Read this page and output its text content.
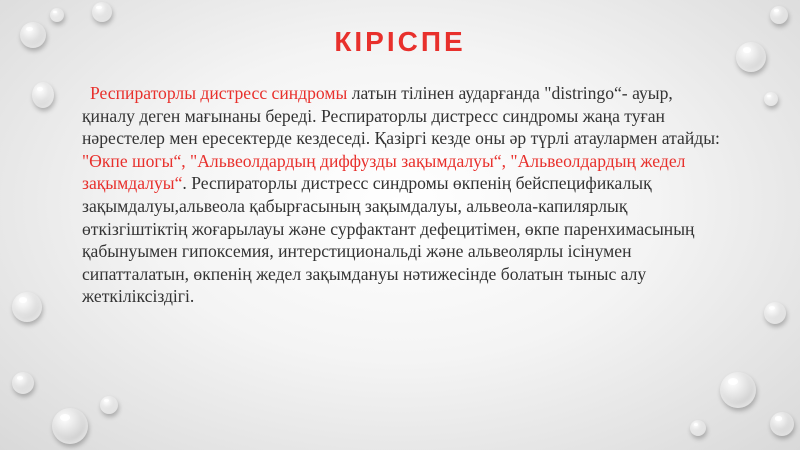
КІРІСПЕ
Респираторлы дистресс синдромы латын тілінен аударғанда "distringo“- ауыр, қиналу деген мағынаны береді. Респираторлы дистресс синдромы жаңа туған нәрестелер мен ересектерде кездеседі. Қазіргі кезде оны әр түрлі атаулармен атайды: "Өкпе шогы“, "Альвеолдардың диффузды зақымдалуы“, "Альвеолдардың жедел зақымдалуы“. Респираторлы дистресс синдромы өкпенің бейспецификалық зақымдалуы,альвеола қабырғасының зақымдалуы, альвеола-капилярлық өткізгіштіктің жоғарылауы және сурфактант дефецитімен, өкпе паренхимасының қабынуымен гипоксемия, интерстициональді және альвеолярлы ісінумен сипатталатын, өкпенің жедел зақымдануы нәтижесінде болатын тыныс алу жеткіліксіздігі.
